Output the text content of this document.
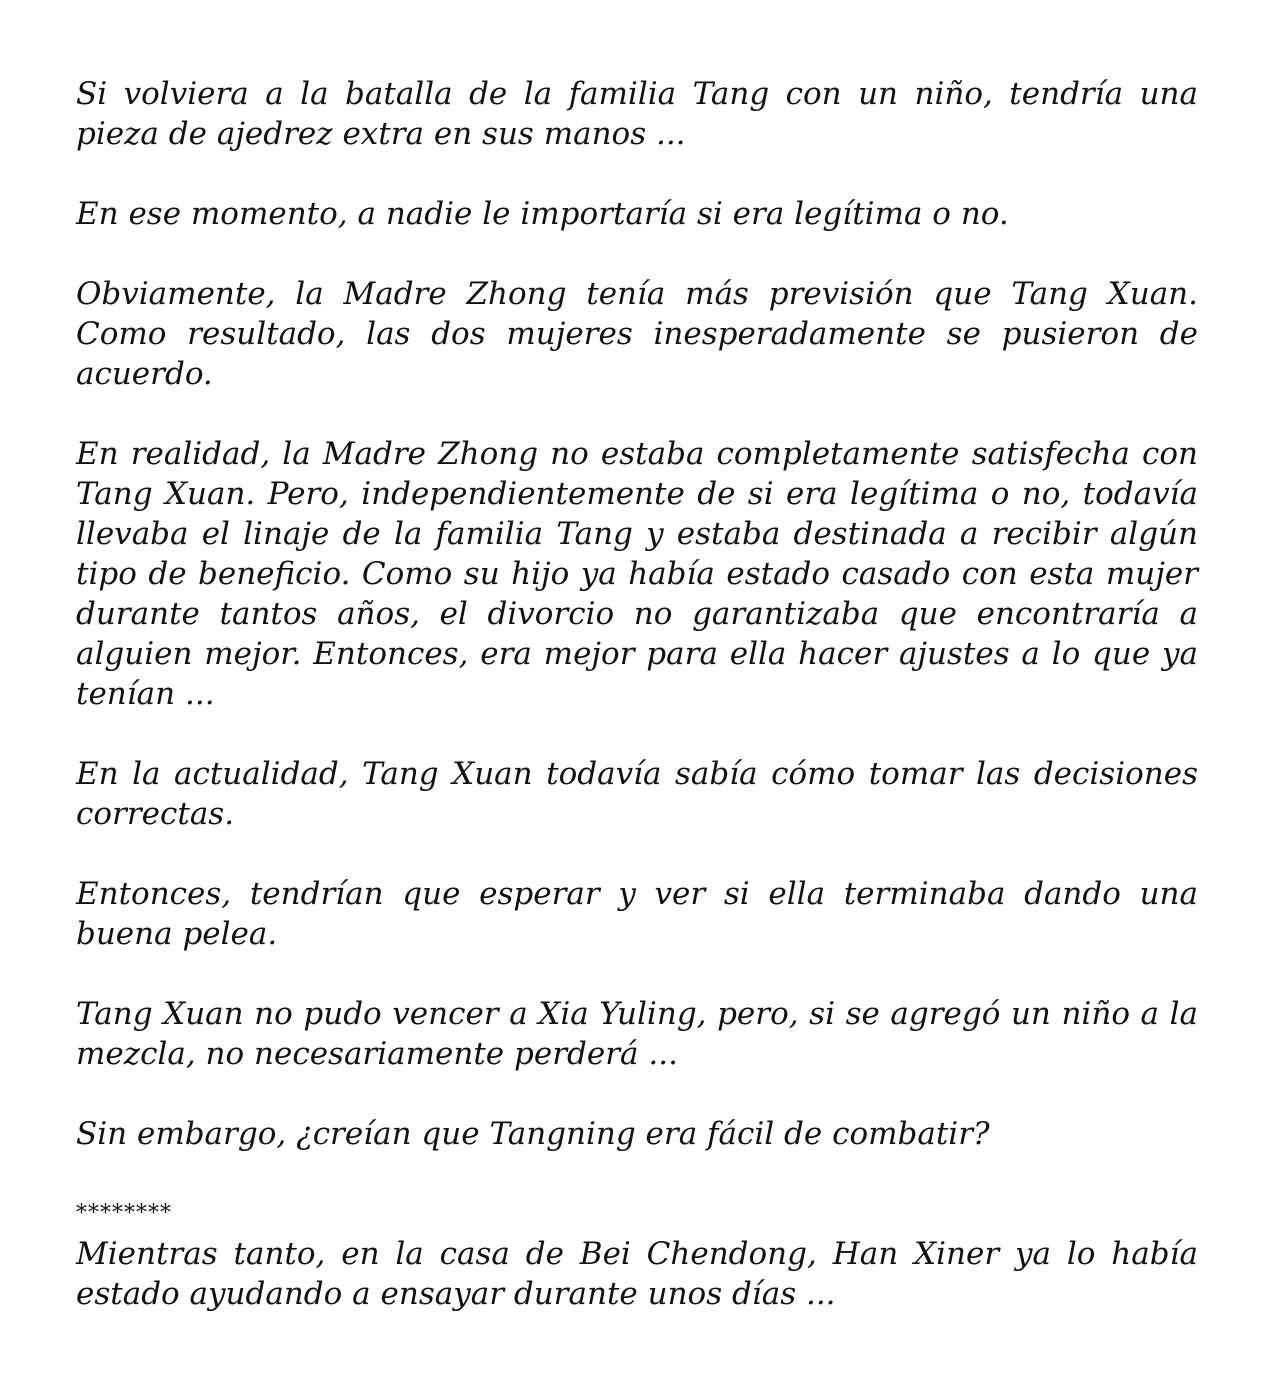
Si volviera a la batalla de la familia Tang con un niño, tendría una pieza de ajedrez extra en sus manos ...

En ese momento, a nadie le importaría si era legítima o no.

Obviamente, la Madre Zhong tenía más previsión que Tang Xuan. Como resultado, las dos mujeres inesperadamente se pusieron de acuerdo.

En realidad, la Madre Zhong no estaba completamente satisfecha con Tang Xuan. Pero, independientemente de si era legítima o no, todavía llevaba el linaje de la familia Tang y estaba destinada a recibir algún tipo de beneficio. Como su hijo ya había estado casado con esta mujer durante tantos años, el divorcio no garantizaba que encontraría a alguien mejor. Entonces, era mejor para ella hacer ajustes a lo que ya tenían ...

En la actualidad, Tang Xuan todavía sabía cómo tomar las decisiones correctas.

Entonces, tendrían que esperar y ver si ella terminaba dando una buena pelea.

Tang Xuan no pudo vencer a Xia Yuling, pero, si se agregó un niño a la mezcla, no necesariamente perderá ...

Sin embargo, ¿creían que Tangning era fácil de combatir?

********

Mientras tanto, en la casa de Bei Chendong, Han Xiner ya lo había estado ayudando a ensayar durante unos días ...
